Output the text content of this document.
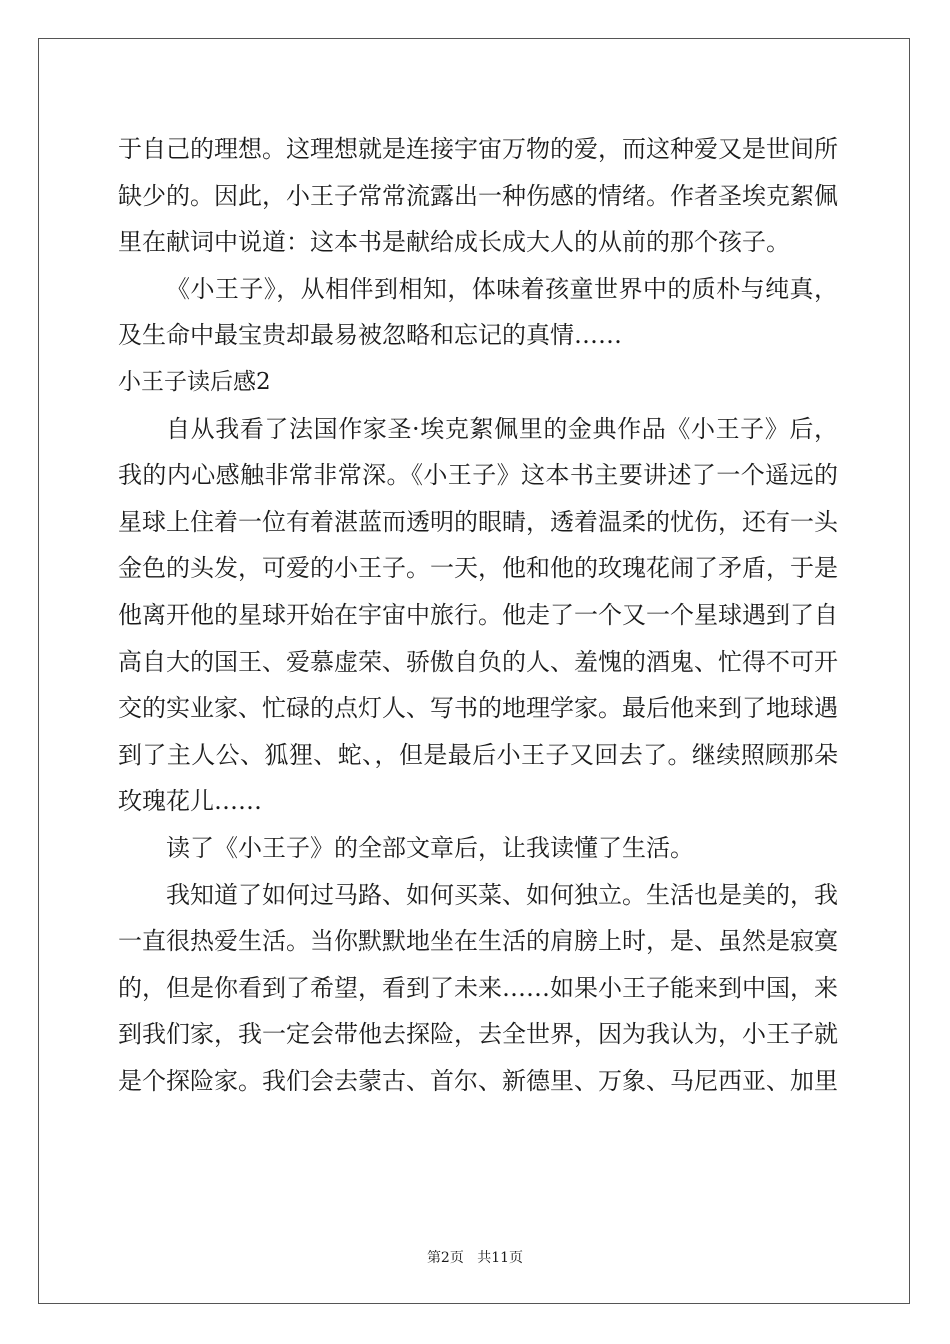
于自己的理想。这理想就是连接宇宙万物的爱，而这种爱又是世间所
缺少的。因此，小王子常常流露出一种伤感的情绪。作者圣埃克絮佩
里在献词中说道：这本书是献给成长成大人的从前的那个孩子。
《小王子》，从相伴到相知，体味着孩童世界中的质朴与纯真，
及生命中最宝贵却最易被忽略和忘记的真情……
小王子读后感2
自从我看了法国作家圣·埃克絮佩里的金典作品《小王子》后，
我的内心感触非常非常深。《小王子》这本书主要讲述了一个遥远的
星球上住着一位有着湛蓝而透明的眼睛，透着温柔的忧伤，还有一头
金色的头发，可爱的小王子。一天，他和他的玫瑰花闹了矛盾，于是
他离开他的星球开始在宇宙中旅行。他走了一个又一个星球遇到了自
高自大的国王、爱慕虚荣、骄傲自负的人、羞愧的酒鬼、忙得不可开
交的实业家、忙碌的点灯人、写书的地理学家。最后他来到了地球遇
到了主人公、狐狸、蛇、，但是最后小王子又回去了。继续照顾那朵
玫瑰花儿……
读了《小王子》的全部文章后，让我读懂了生活。
我知道了如何过马路、如何买菜、如何独立。生活也是美的，我
一直很热爱生活。当你默默地坐在生活的肩膀上时，是、虽然是寂寞
的，但是你看到了希望，看到了未来……如果小王子能来到中国，来
到我们家，我一定会带他去探险，去全世界，因为我认为，小王子就
是个探险家。我们会去蒙古、首尔、新德里、万象、马尼西亚、加里
第2页 共11页
